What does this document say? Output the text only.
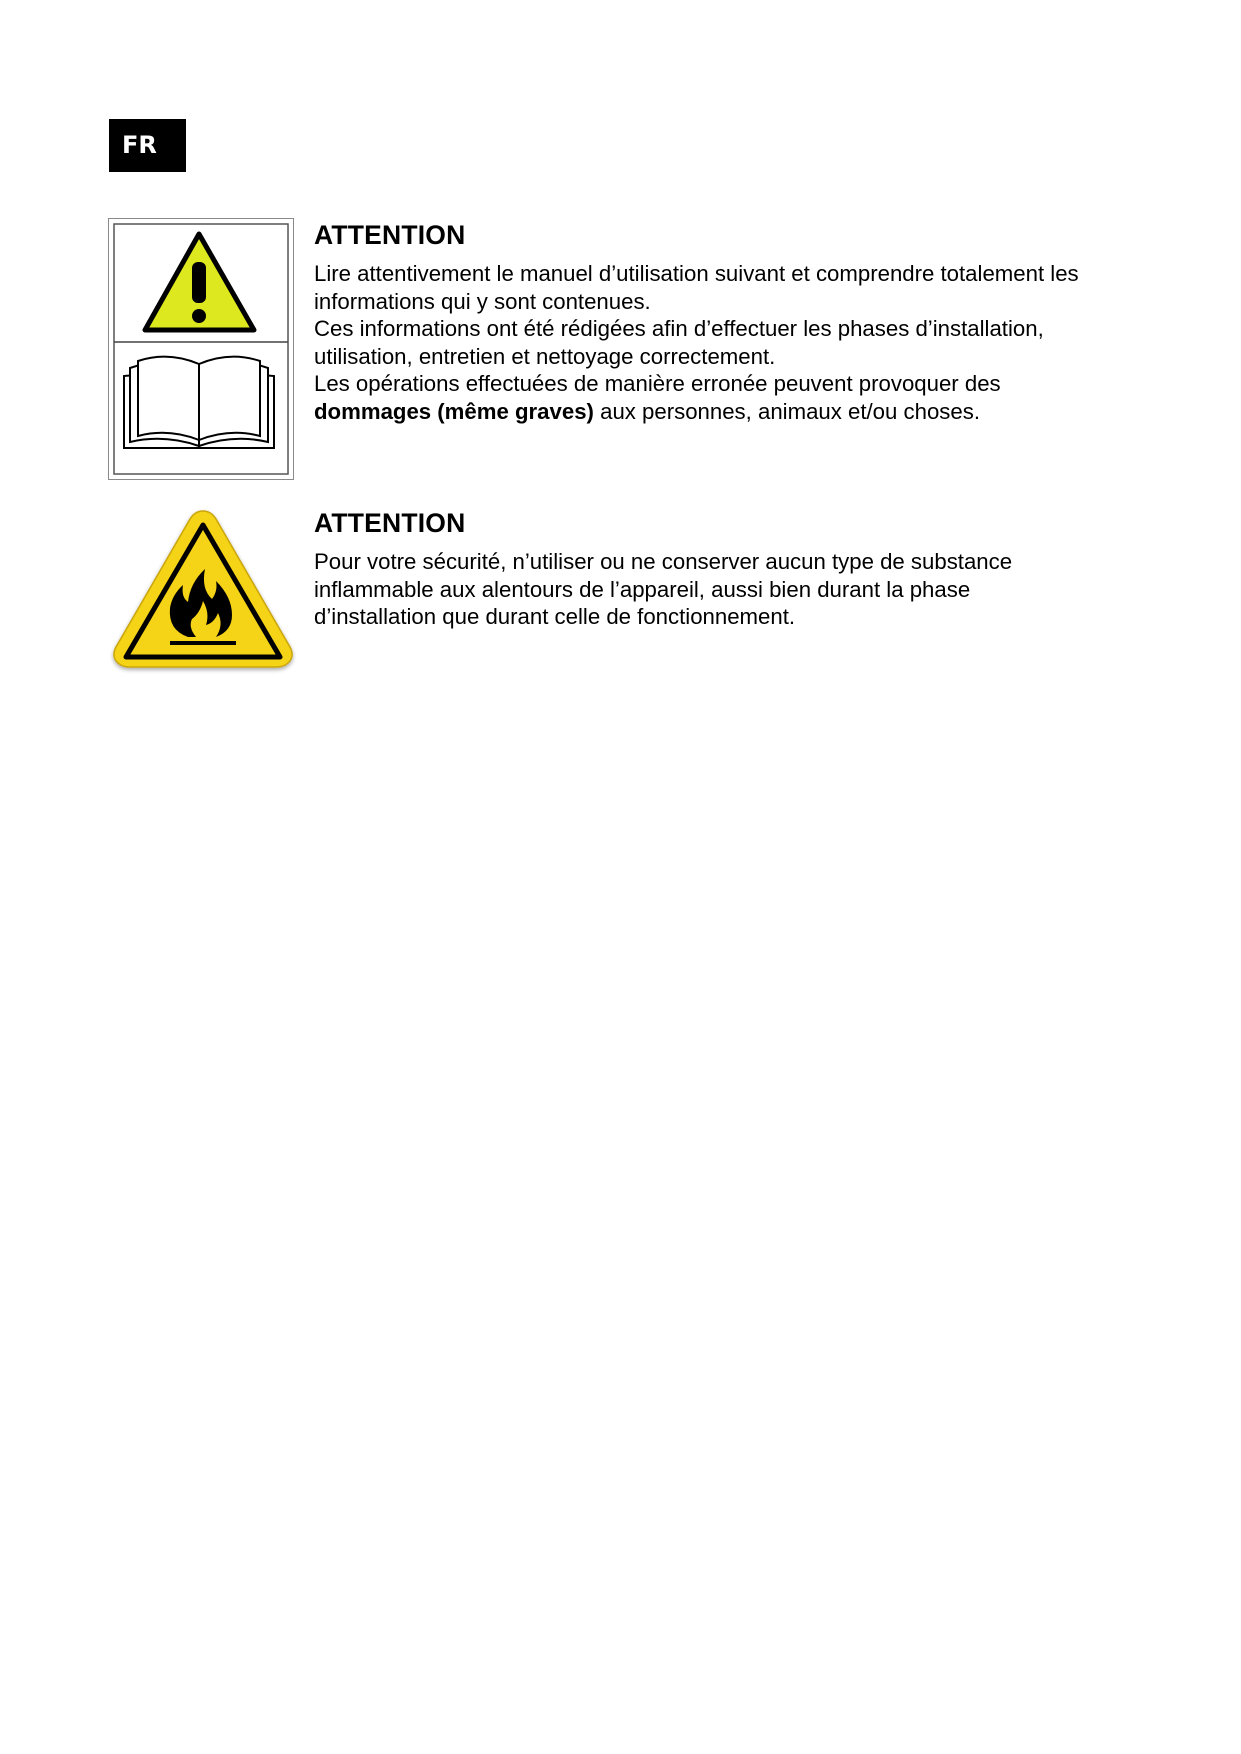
FR
ATTENTION

Lire attentivement le manuel d’utilisation suivant et comprendre totalement les
informations qui y sont contenues.
Ces informations ont été rédigées afin d’effectuer les phases d’installation,
utilisation, entretien et nettoyage correctement.
Les opérations effectuées de manière erronée peuvent provoquer des
dommages (même graves) aux personnes, animaux et/ou choses.

ATTENTION

Pour votre sécurité, n’utiliser ou ne conserver aucun type de substance
inflammable aux alentours de l’appareil, aussi bien durant la phase
d’installation que durant celle de fonctionnement.
